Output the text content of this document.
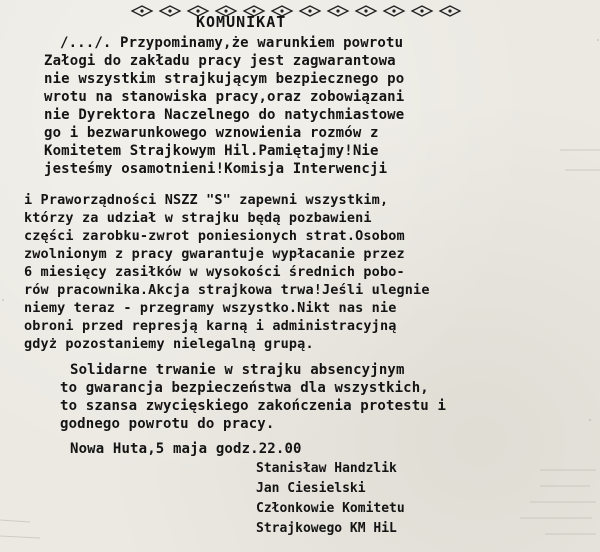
KOMUNIKAT
/.../. Przypominamy,że warunkiem powrotu
Załogi do zakładu pracy jest zagwarantowa
nie wszystkim strajkującym bezpiecznego po
wrotu na stanowiska pracy,oraz zobowiązani
nie Dyrektora Naczelnego do natychmiastowe
go i bezwarunkowego wznowienia rozmów z
Komitetem Strajkowym Hil.Pamiętajmy!Nie
jesteśmy osamotnieni!Komisja Interwencji
i Praworządności NSZZ "S" zapewni wszystkim,
którzy za udział w strajku będą pozbawieni
części zarobku-zwrot poniesionych strat.Osobom
zwolnionym z pracy gwarantuje wypłacanie przez
6 miesięcy zasiłków w wysokości średnich pobo-
rów pracownika.Akcja strajkowa trwa!Jeśli ulegnie
niemy teraz - przegramy wszystko.Nikt nas nie
obroni przed represją karną i administracyjną
gdyż pozostaniemy nielegalną grupą.
Solidarne trwanie w strajku absencyjnym
to gwarancja bezpieczeństwa dla wszystkich,
to szansa zwycięskiego zakończenia protestu i
godnego powrotu do pracy.
Nowa Huta,5 maja godz.22.00
Stanisław Handzlik
Jan Ciesielski
Członkowie Komitetu
Strajkowego KM HiL
